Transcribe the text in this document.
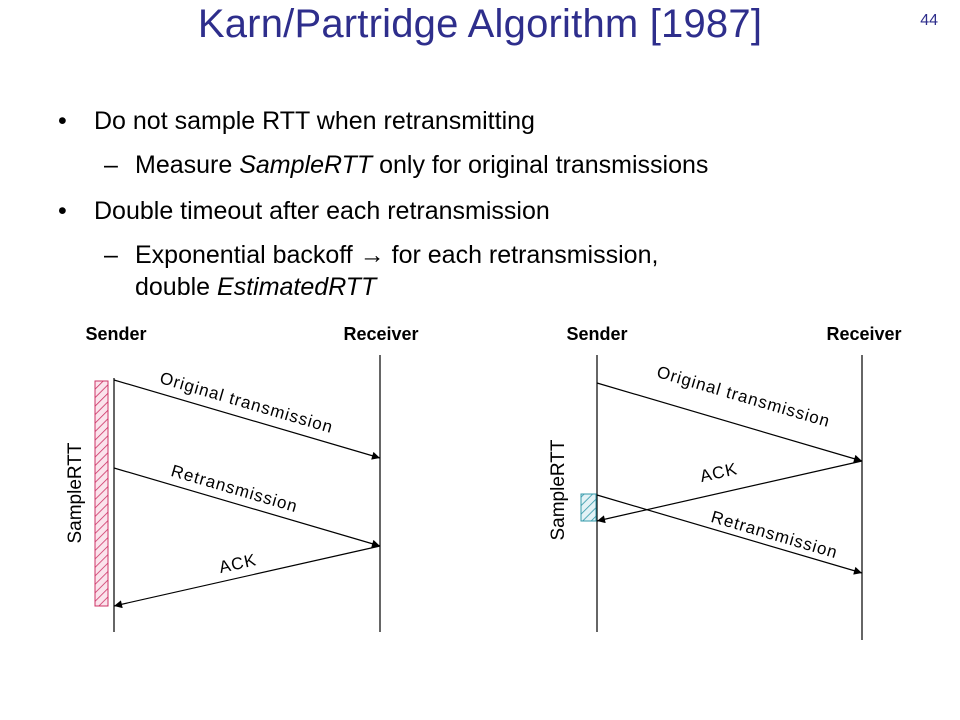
Karn/Partridge Algorithm [1987]	44
• Do not sample RTT when retransmitting
– Measure SampleRTT only for original transmissions
• Double timeout after each retransmission
– Exponential backoff → for each retransmission,
double EstimatedRTT
Sender	Receiver
Original transmission
Retransmission
ACK
SampleRTT
Sender	Receiver
Original transmission
ACK
Retransmission
SampleRTT
